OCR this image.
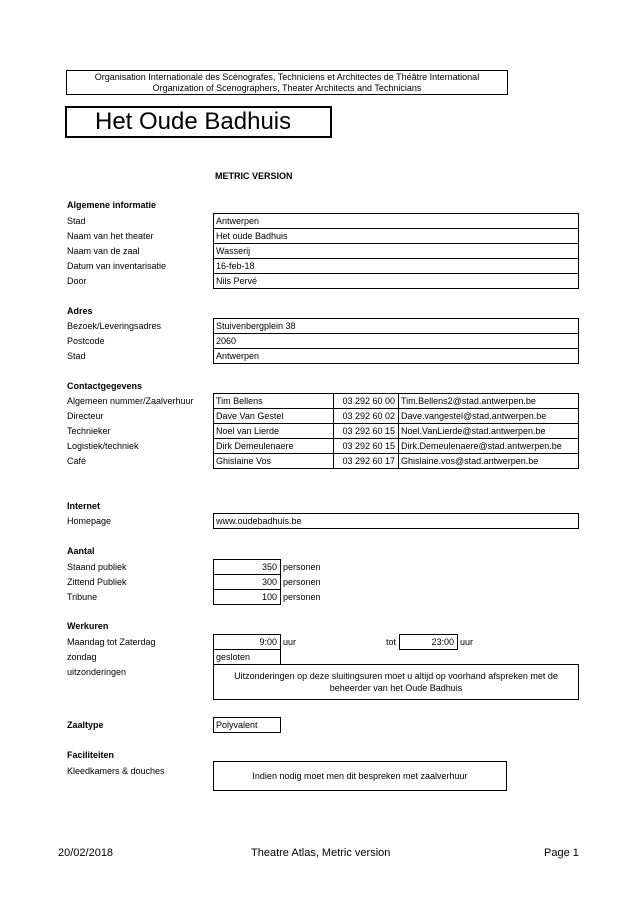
Organisation Internationale des Scénografes, Techniciens et Architectes de Théâtre International
Organization of Scenographers, Theater Architects and Technicians
Het Oude Badhuis
METRIC VERSION
Algemene informatie
Stad	Antwerpen
Naam van het theater	Het oude Badhuis
Naam van de zaal	Wasserij
Datum van inventarisatie	16-feb-18
Door	Nils Pervé
Adres
Bezoek/Leveringsadres	Stuivenbergplein 38
Postcode	2060
Stad	Antwerpen
Contactgegevens
Algemeen nummer/Zaalverhuur	Tim Bellens	03 292 60 00 Tim.Bellens2@stad.antwerpen.be
Directeur	Dave Van Gestel	03 292 60 02 Dave.vangestel@stad.antwerpen.be
Technieker	Noel van Lierde	03 292 60 15 Noel.VanLierde@stad.antwerpen.be
Logistiek/techniek	Dirk Demeulenaere	03 292 60 15 Dirk.Demeulenaere@stad.antwerpen.be
Café	Ghislaine Vos	03 292 60 17 Ghislaine.vos@stad.antwerpen.be
Internet
Homepage	www.oudebadhuis.be
Aantal
Staand publiek	350 personen
Zittend Publiek	300 personen
Tribune	100 personen
Werkuren
Maandag tot Zaterdag	9:00 uur	tot	23:00 uur
zondag	gesloten
uitzonderingen	Uitzonderingen op deze sluitingsuren moet u altijd op voorhand afspreken met de beheerder van het Oude Badhuis
Zaaltype	Polyvalent
Faciliteiten
Kleedkamers & douches	Indien nodig moet men dit bespreken met zaalverhuur
20/02/2018	Theatre Atlas, Metric version	Page 1
